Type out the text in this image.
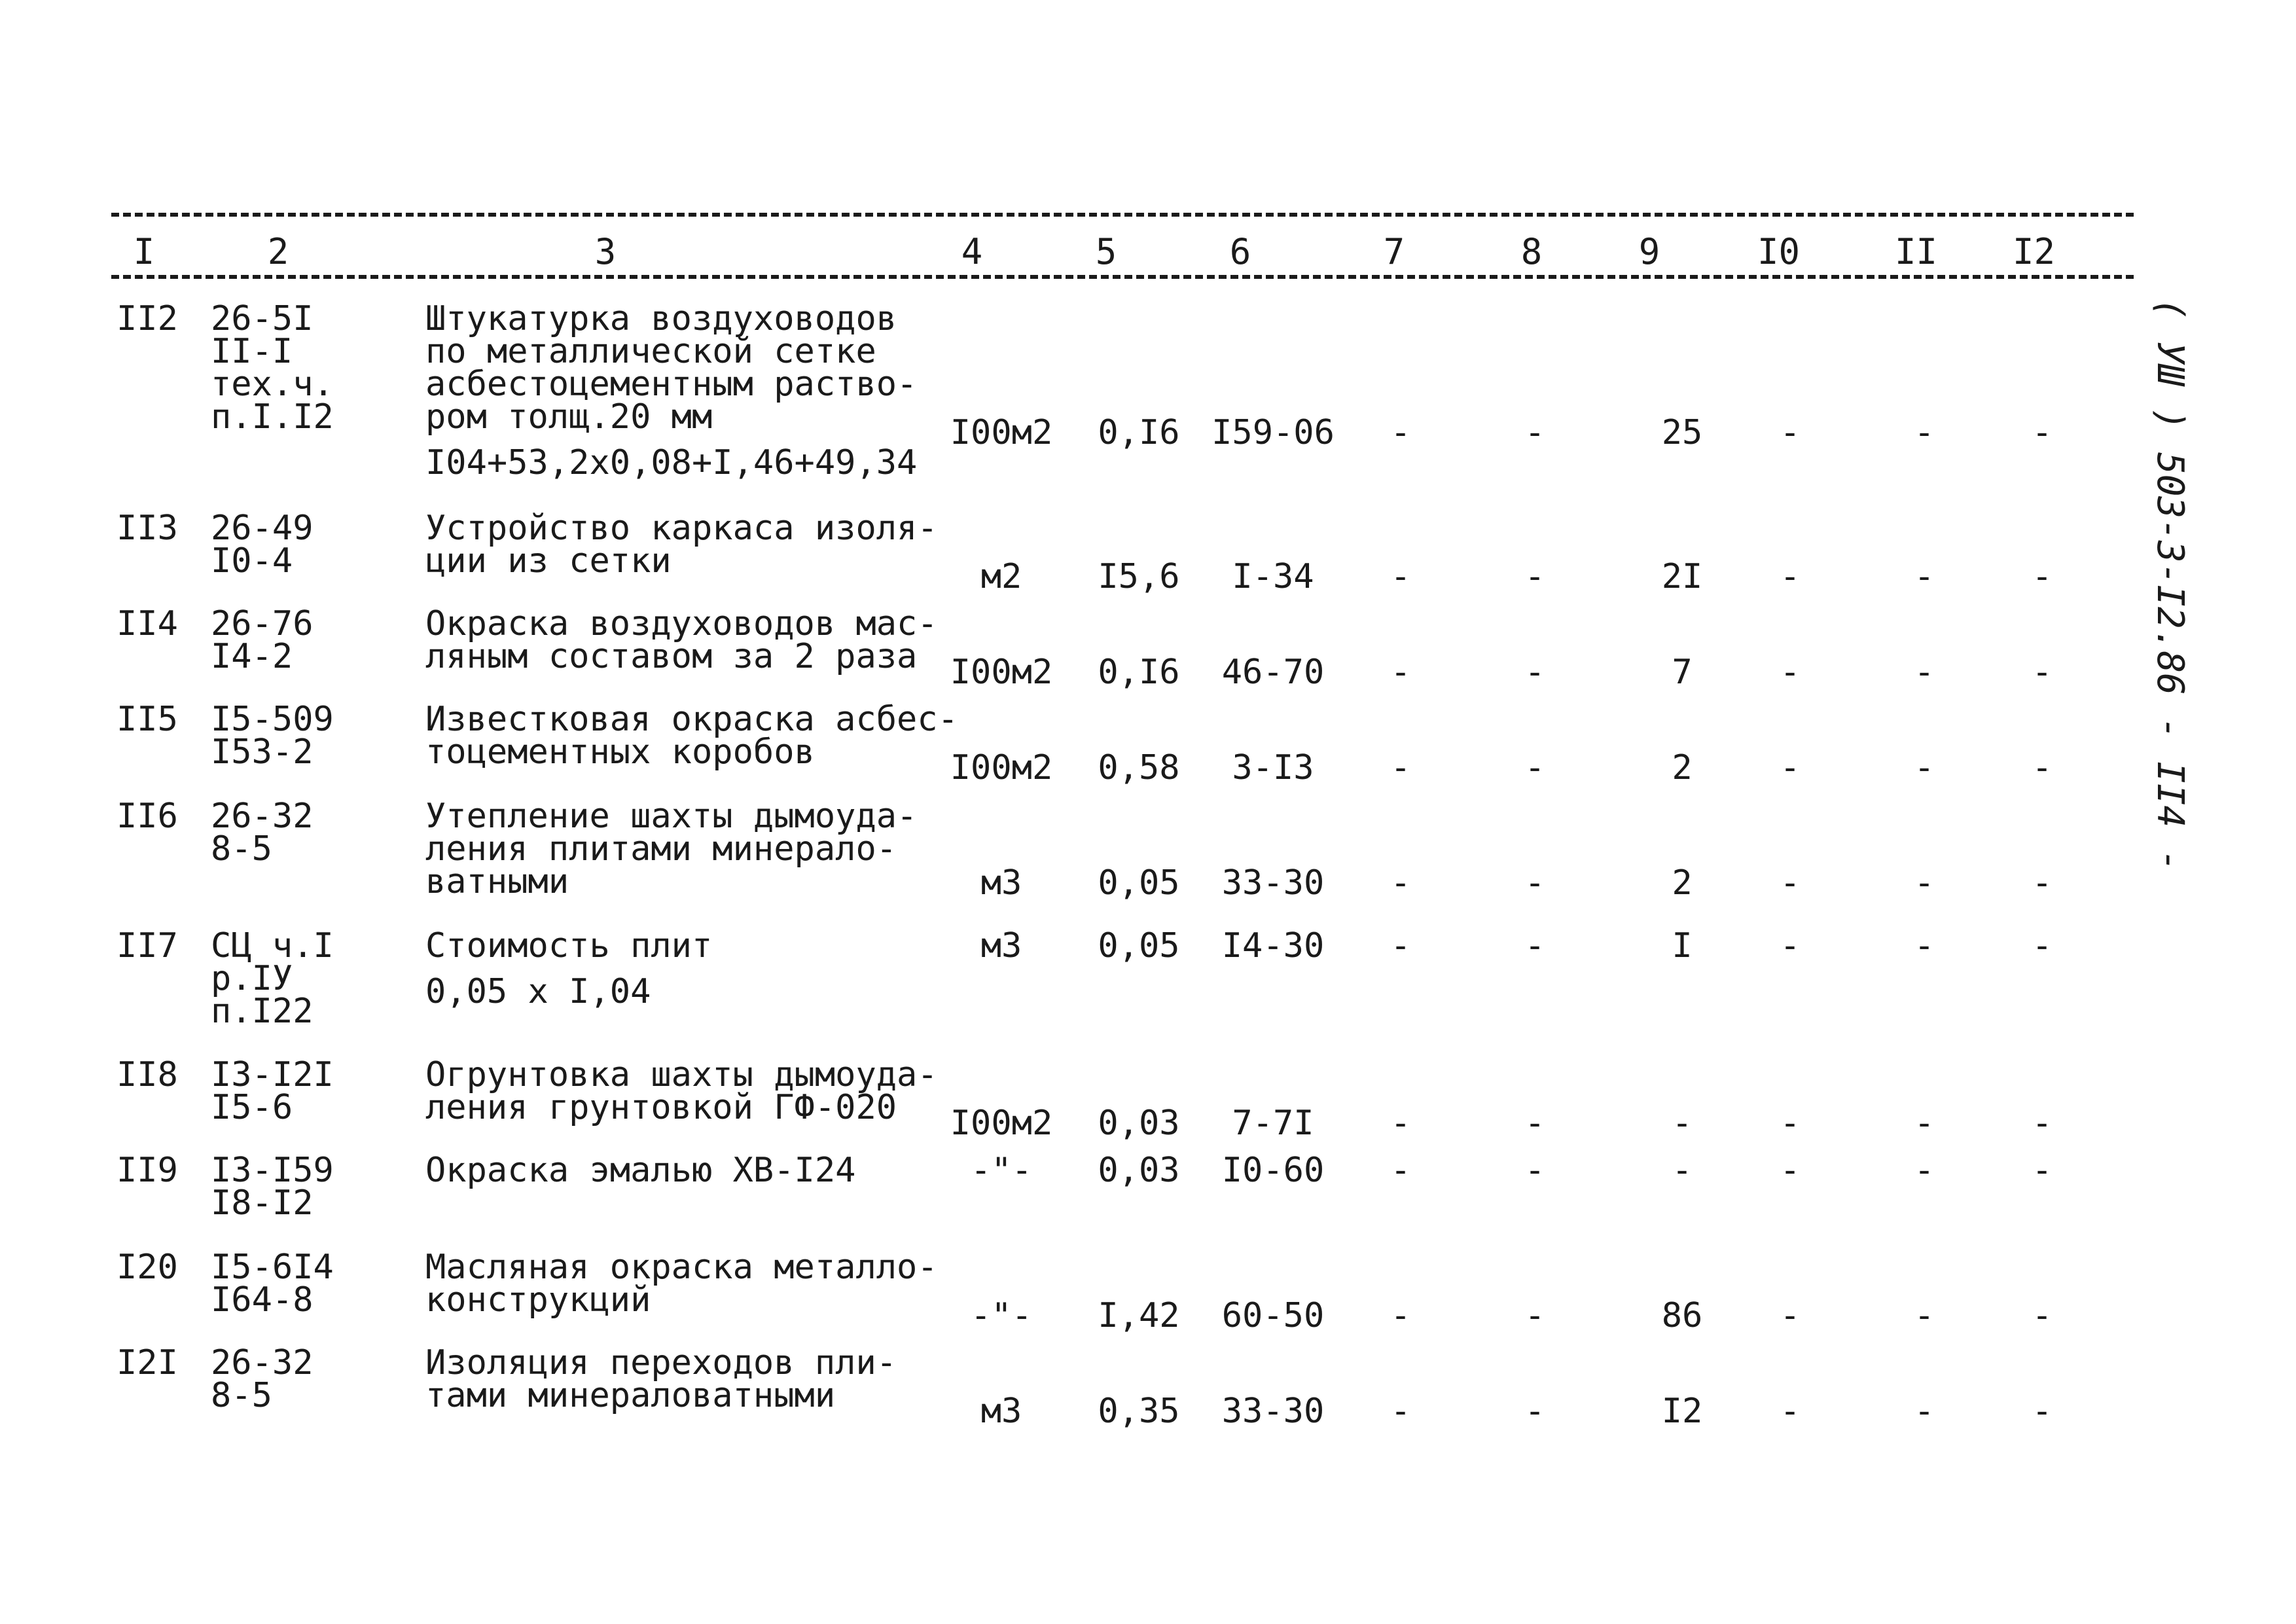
I	2	3	4	5	6	7	8	9	I0	II I2
II2 26-5I
II-I
тех.ч.
п.I.I2
Штукатурка воздуховодов
по металлической сетке
асбестоцементным раство-
ром толщ.20 мм
I04+53,2х0,08+I,46+49,34
I00м2	0,I6 I59-06 -	-	25	-	-	-
II3 26-49
I0-4
Устройство каркаса изоля-
ции из сетки	м2	I5,6	I-34	-	-	2I	-	-	-
II4 26-76
I4-2
Окраска воздуховодов мас-
ляным составом за 2 раза I00м2	0,I6	46-70	-	-	7	-	-	-
II5 I5-509
I53-2
Известковая окраска асбес-
тоцементных коробов	I00м2	0,58	3-I3	-	-	2	-	-	-
II6 26-32
8-5
Утепление шахты дымоуда-
ления плитами минерало-
ватными	м3	0,05	33-30	-	-	2	-	-	-
II7 СЦ ч.I
р.IУ
п.I22
Стоимость плит
0,05 х I,04
м3	0,05	I4-30	-	-	I	-	-	-
II8 I3-I2I
I5-6
Огрунтовка шахты дымоуда-
ления грунтовкой ГФ-020	I00м2	0,03	7-7I	-	-	-	-	-	-
II9 I3-I59
I8-I2
Окраска эмалью ХВ-I24	-"-	0,03	I0-60	-	-	-	-	-	-
I20 I5-6I4
I64-8
Масляная окраска металло-
конструкций	-"-	I,42	60-50	-	-	86	-	-	-
I2I 26-32
8-5
Изоляция переходов пли-
тами минераловатными	м3	0,35	33-30	-	-	I2	-	-	-
( УШ ) 503-3-I2.86 - II4 -
